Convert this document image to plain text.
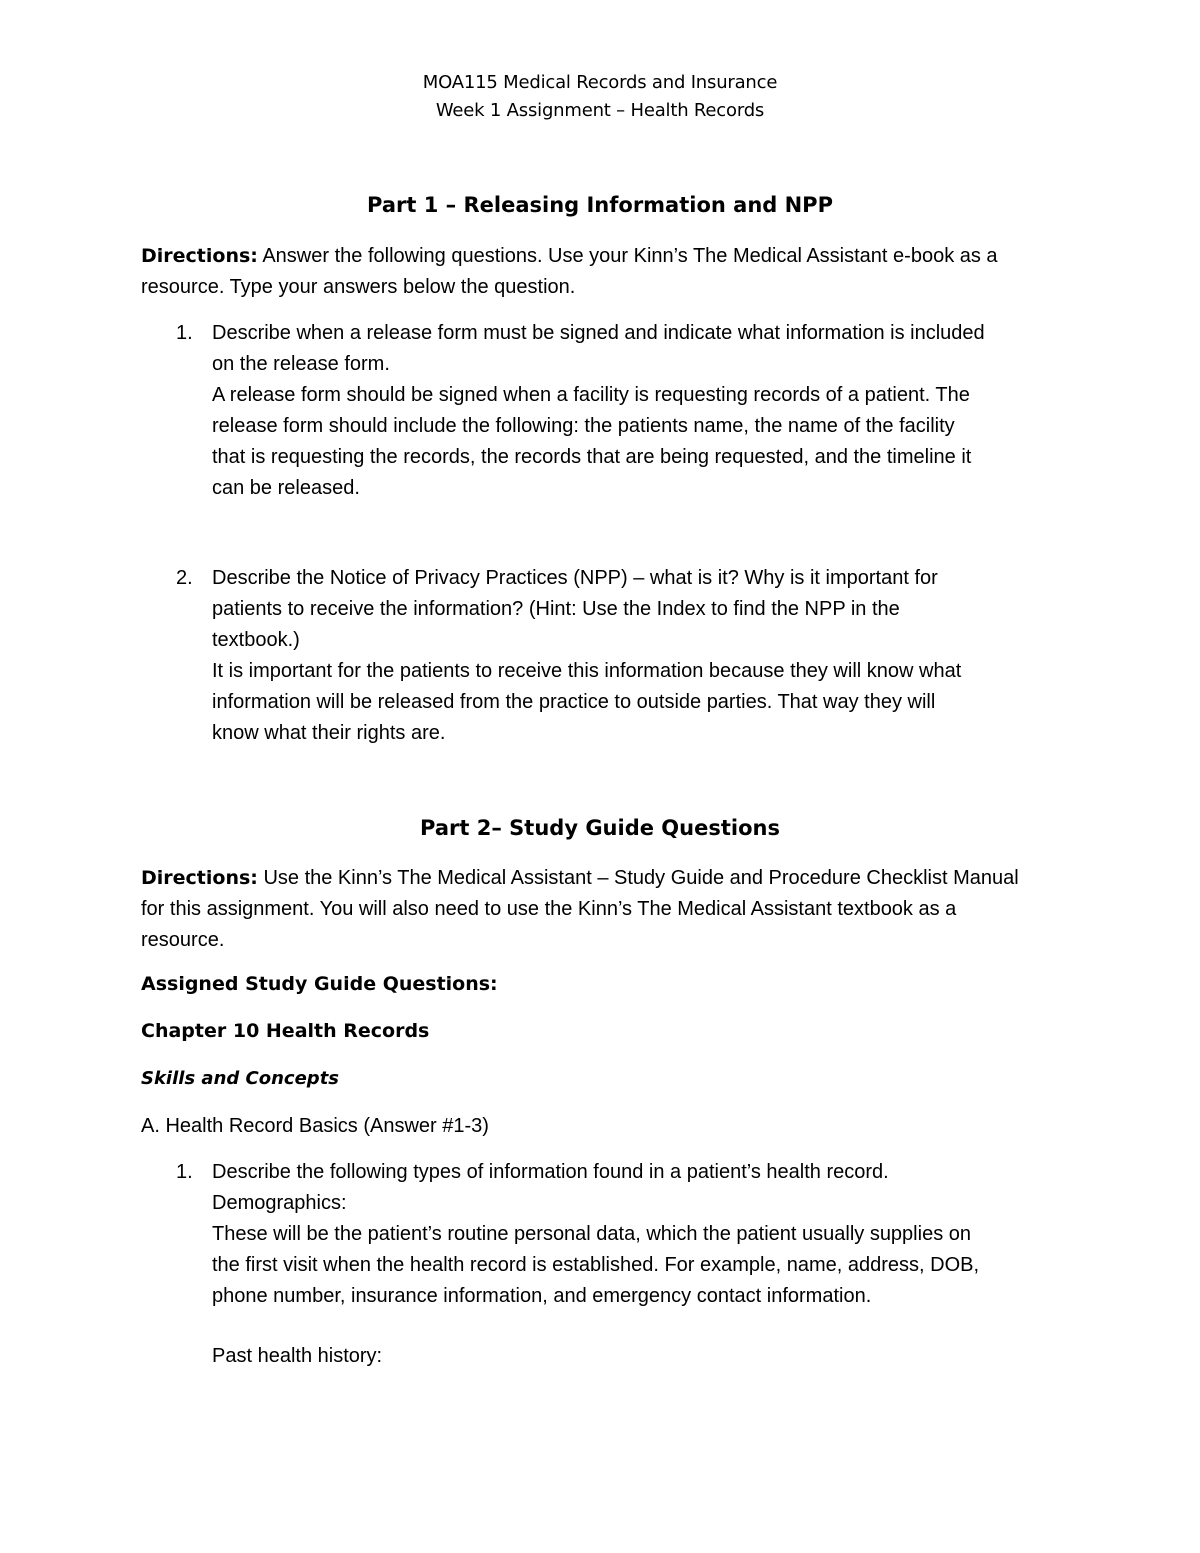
MOA115 Medical Records and Insurance
Week 1 Assignment – Health Records
Part 1 – Releasing Information and NPP
Directions: Answer the following questions. Use your Kinn’s The Medical Assistant e-book as a
resource. Type your answers below the question.
1. Describe when a release form must be signed and indicate what information is included
on the release form.
A release form should be signed when a facility is requesting records of a patient. The
release form should include the following: the patients name, the name of the facility
that is requesting the records, the records that are being requested, and the timeline it
can be released.
2. Describe the Notice of Privacy Practices (NPP) – what is it? Why is it important for
patients to receive the information? (Hint: Use the Index to find the NPP in the
textbook.)
It is important for the patients to receive this information because they will know what
information will be released from the practice to outside parties. That way they will
know what their rights are.
Part 2– Study Guide Questions
Directions: Use the Kinn’s The Medical Assistant – Study Guide and Procedure Checklist Manual
for this assignment. You will also need to use the Kinn’s The Medical Assistant textbook as a
resource.
Assigned Study Guide Questions:
Chapter 10 Health Records
Skills and Concepts
A. Health Record Basics (Answer #1-3)
1. Describe the following types of information found in a patient’s health record.
Demographics:
These will be the patient’s routine personal data, which the patient usually supplies on
the first visit when the health record is established. For example, name, address, DOB,
phone number, insurance information, and emergency contact information.
Past health history:
